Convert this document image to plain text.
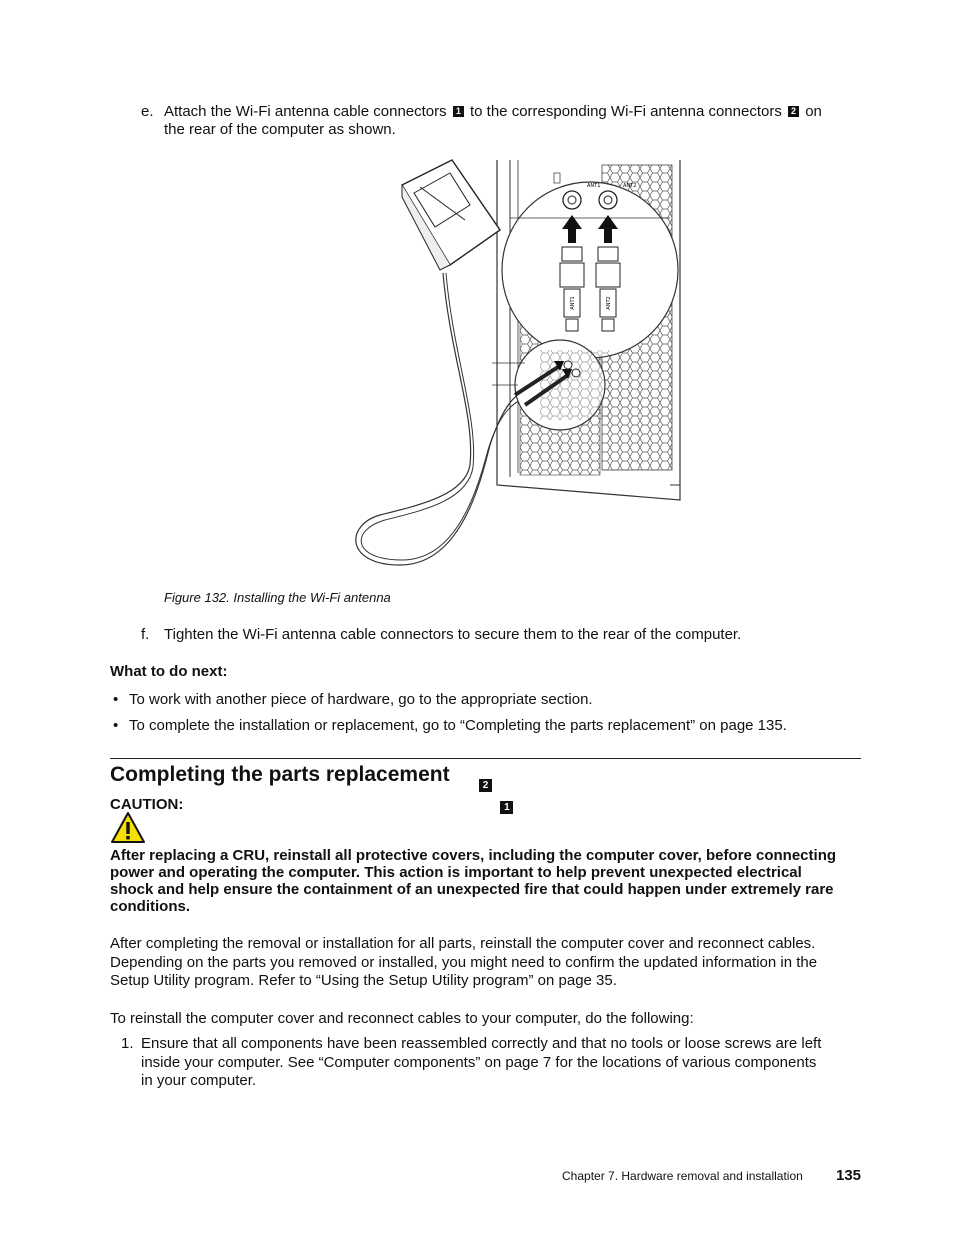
e. Attach the Wi-Fi antenna cable connectors 1 to the corresponding Wi-Fi antenna connectors 2 on
the rear of the computer as shown.
ANT1	ANT2
ANT1	ANT2
2 1
Figure 132. Installing the Wi-Fi antenna
f. Tighten the Wi-Fi antenna cable connectors to secure them to the rear of the computer.
What to do next:
• To work with another piece of hardware, go to the appropriate section.
• To complete the installation or replacement, go to “Completing the parts replacement” on page 135.
Completing the parts replacement
CAUTION:
After replacing a CRU, reinstall all protective covers, including the computer cover, before connecting
power and operating the computer. This action is important to help prevent unexpected electrical
shock and help ensure the containment of an unexpected fire that could happen under extremely rare
conditions.
After completing the removal or installation for all parts, reinstall the computer cover and reconnect cables.
Depending on the parts you removed or installed, you might need to confirm the updated information in the
Setup Utility program. Refer to “Using the Setup Utility program” on page 35.
To reinstall the computer cover and reconnect cables to your computer, do the following:
1. Ensure that all components have been reassembled correctly and that no tools or loose screws are left
inside your computer. See “Computer components” on page 7 for the locations of various components
in your computer.
Chapter 7. Hardware removal and installation 135
